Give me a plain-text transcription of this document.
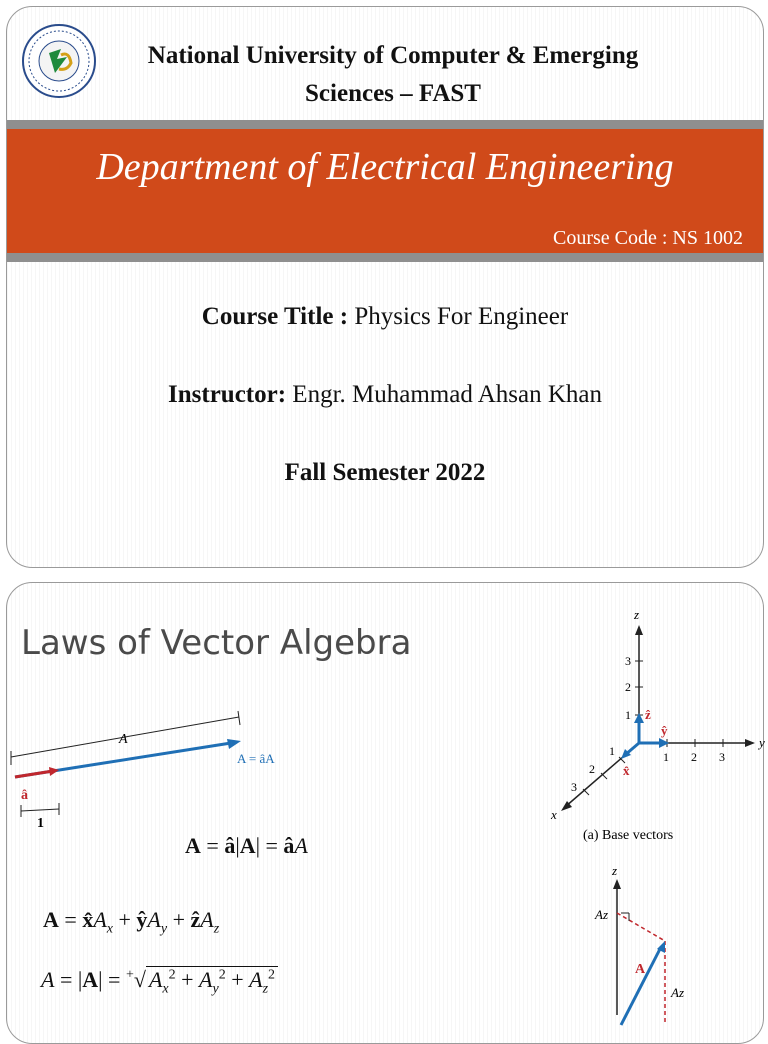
National University of Computer & Emerging Sciences – FAST
Department of Electrical Engineering
Course Code : NS 1002
Course Title : Physics For Engineer
Instructor: Engr. Muhammad Ahsan Khan
Fall Semester 2022
Laws of Vector Algebra
A
A = âA
â
1
A = â|A| = âA
$A = x̂A_x$ + $ŷA_y$ + ẑA$_z$
A = |A| = +√ $A_x^2 + A_y^2 + A_z^2$
z
y
x
1
2
3
1 2 3
1
2
3
ẑ
ŷ
x̂
(a) Base vectors
z
Az
Az
A
